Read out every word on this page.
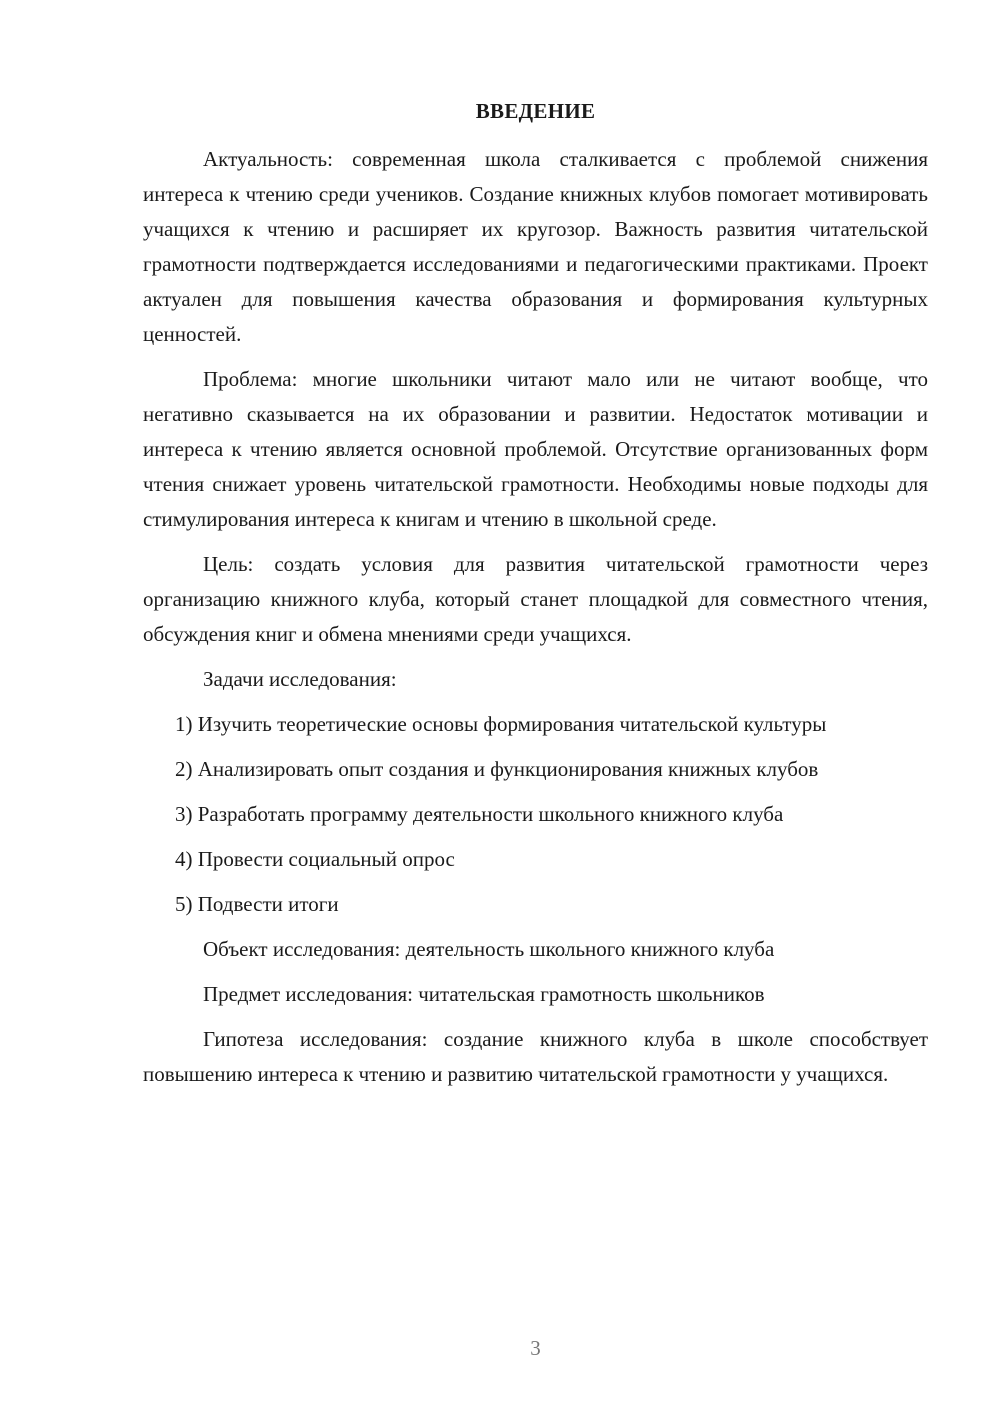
ВВЕДЕНИЕ

Актуальность: современная школа сталкивается с проблемой снижения интереса к чтению среди учеников. Создание книжных клубов помогает мотивировать учащихся к чтению и расширяет их кругозор. Важность развития читательской грамотности подтверждается исследованиями и педагогическими практиками. Проект актуален для повышения качества образования и формирования культурных ценностей.

Проблема: многие школьники читают мало или не читают вообще, что негативно сказывается на их образовании и развитии. Недостаток мотивации и интереса к чтению является основной проблемой. Отсутствие организованных форм чтения снижает уровень читательской грамотности. Необходимы новые подходы для стимулирования интереса к книгам и чтению в школьной среде.

Цель: создать условия для развития читательской грамотности через организацию книжного клуба, который станет площадкой для совместного чтения, обсуждения книг и обмена мнениями среди учащихся.

Задачи исследования:

1) Изучить теоретические основы формирования читательской культуры

2) Анализировать опыт создания и функционирования книжных клубов

3) Разработать программу деятельности школьного книжного клуба

4) Провести социальный опрос

5) Подвести итоги

Объект исследования: деятельность школьного книжного клуба

Предмет исследования: читательская грамотность школьников

Гипотеза исследования: создание книжного клуба в школе способствует повышению интереса к чтению и развитию читательской грамотности у учащихся.

3
